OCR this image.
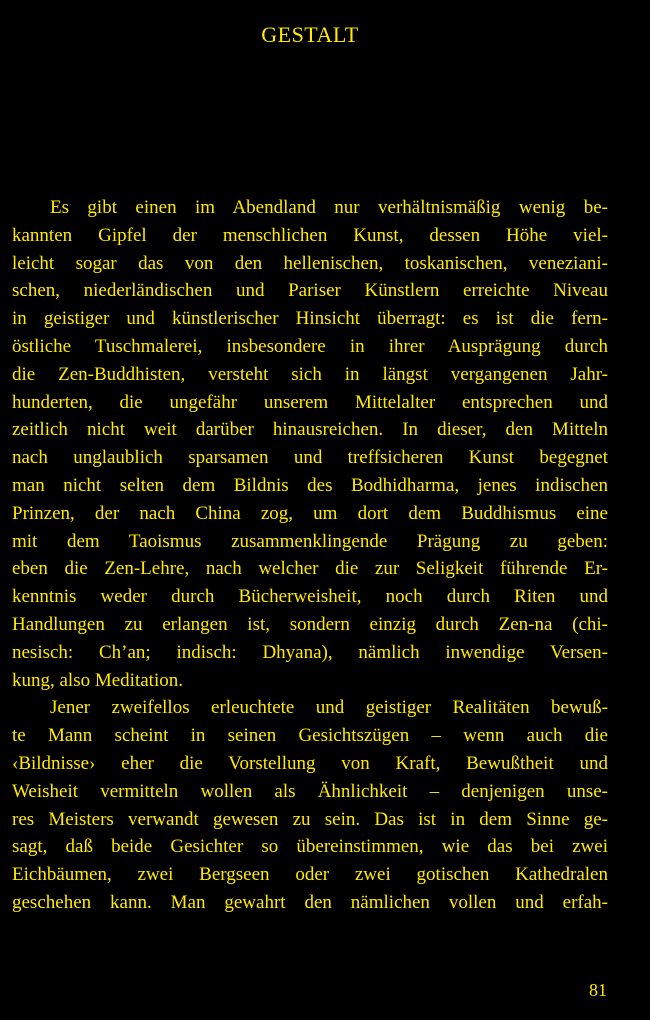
GESTALT
Es gibt einen im Abendland nur verhältnismäßig wenig be-
kannten Gipfel der menschlichen Kunst, dessen Höhe viel-
leicht sogar das von den hellenischen, toskanischen, veneziani-
schen, niederländischen und Pariser Künstlern erreichte Niveau
in geistiger und künstlerischer Hinsicht überragt: es ist die fern-
östliche Tuschmalerei, insbesondere in ihrer Ausprägung durch
die Zen-Buddhisten, versteht sich in längst vergangenen Jahr-
hunderten, die ungefähr unserem Mittelalter entsprechen und
zeitlich nicht weit darüber hinausreichen. In dieser, den Mitteln
nach unglaublich sparsamen und treffsicheren Kunst begegnet
man nicht selten dem Bildnis des Bodhidharma, jenes indischen
Prinzen, der nach China zog, um dort dem Buddhismus eine
mit dem Taoismus zusammenklingende Prägung zu geben:
eben die Zen-Lehre, nach welcher die zur Seligkeit führende Er-
kenntnis weder durch Bücherweisheit, noch durch Riten und
Handlungen zu erlangen ist, sondern einzig durch Zen-na (chi-
nesisch: Ch’an; indisch: Dhyana), nämlich inwendige Versen-
kung, also Meditation.
Jener zweifellos erleuchtete und geistiger Realitäten bewuß-
te Mann scheint in seinen Gesichtszügen – wenn auch die
‹Bildnisse› eher die Vorstellung von Kraft, Bewußtheit und
Weisheit vermitteln wollen als Ähnlichkeit – denjenigen unse-
res Meisters verwandt gewesen zu sein. Das ist in dem Sinne ge-
sagt, daß beide Gesichter so übereinstimmen, wie das bei zwei
Eichbäumen, zwei Bergseen oder zwei gotischen Kathedralen
geschehen kann. Man gewahrt den nämlichen vollen und erfah-
81
